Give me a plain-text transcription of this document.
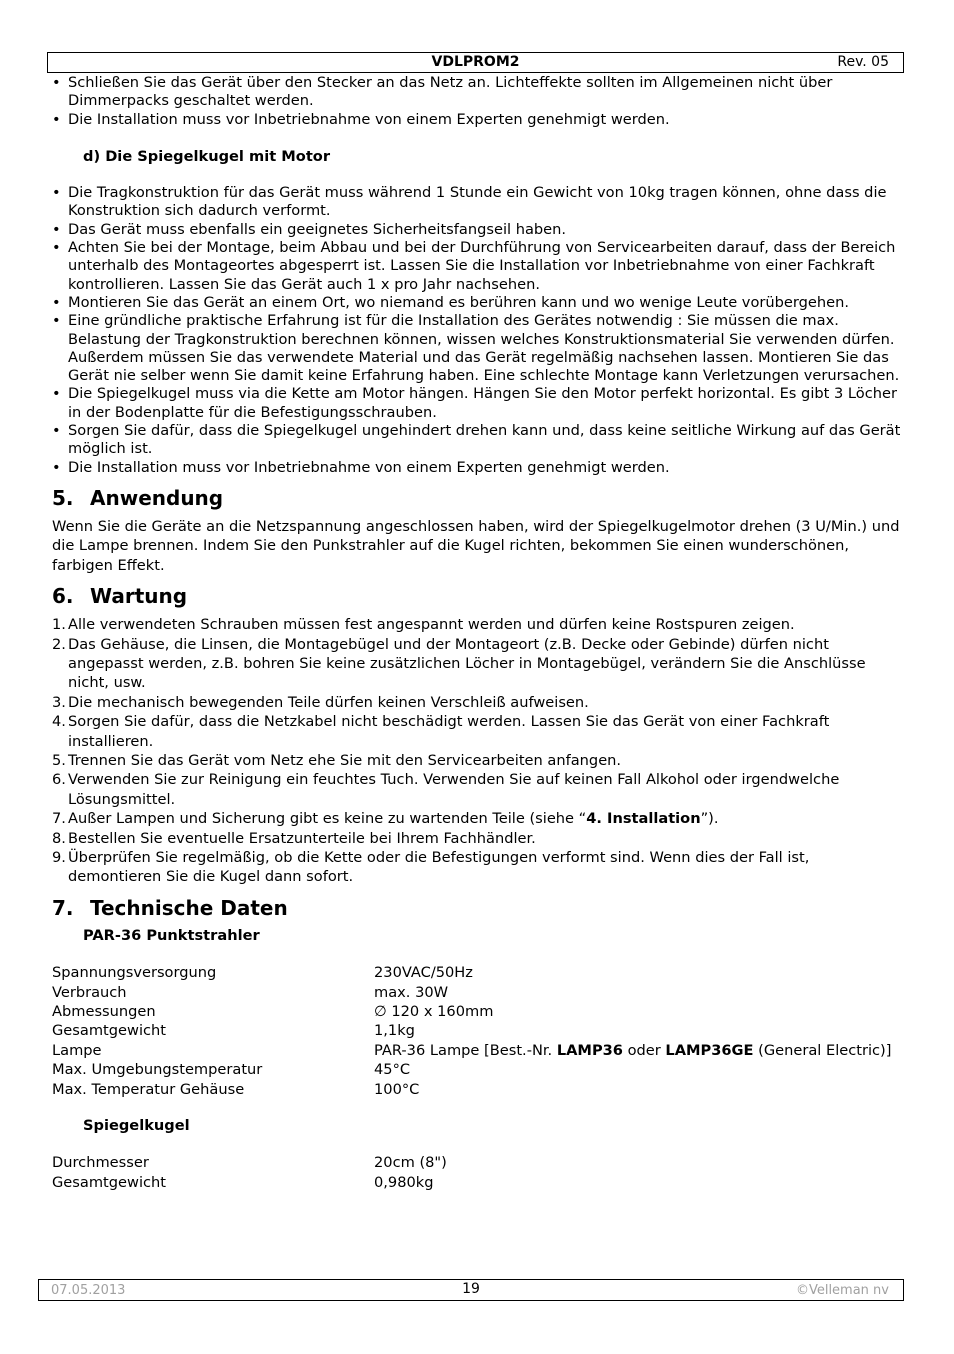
VDLPROM2	Rev. 05
• Schließen Sie das Gerät über den Stecker an das Netz an. Lichteffekte sollten im Allgemeinen nicht über Dimmerpacks geschaltet werden.
• Die Installation muss vor Inbetriebnahme von einem Experten genehmigt werden.
d) Die Spiegelkugel mit Motor
• Die Tragkonstruktion für das Gerät muss während 1 Stunde ein Gewicht von 10kg tragen können, ohne dass die Konstruktion sich dadurch verformt.
• Das Gerät muss ebenfalls ein geeignetes Sicherheitsfangseil haben.
• Achten Sie bei der Montage, beim Abbau und bei der Durchführung von Servicearbeiten darauf, dass der Bereich unterhalb des Montageortes abgesperrt ist. Lassen Sie die Installation vor Inbetriebnahme von einer Fachkraft kontrollieren. Lassen Sie das Gerät auch 1 x pro Jahr nachsehen.
• Montieren Sie das Gerät an einem Ort, wo niemand es berühren kann und wo wenige Leute vorübergehen.
• Eine gründliche praktische Erfahrung ist für die Installation des Gerätes notwendig : Sie müssen die max. Belastung der Tragkonstruktion berechnen können, wissen welches Konstruktionsmaterial Sie verwenden dürfen. Außerdem müssen Sie das verwendete Material und das Gerät regelmäßig nachsehen lassen. Montieren Sie das Gerät nie selber wenn Sie damit keine Erfahrung haben. Eine schlechte Montage kann Verletzungen verursachen.
• Die Spiegelkugel muss via die Kette am Motor hängen. Hängen Sie den Motor perfekt horizontal. Es gibt 3 Löcher in der Bodenplatte für die Befestigungsschrauben.
• Sorgen Sie dafür, dass die Spiegelkugel ungehindert drehen kann und, dass keine seitliche Wirkung auf das Gerät möglich ist.
• Die Installation muss vor Inbetriebnahme von einem Experten genehmigt werden.
5. Anwendung

Wenn Sie die Geräte an die Netzspannung angeschlossen haben, wird der Spiegelkugelmotor drehen (3 U/Min.) und die Lampe brennen. Indem Sie den Punkstrahler auf die Kugel richten, bekommen Sie einen wunderschönen, farbigen Effekt.

6. Wartung
1. Alle verwendeten Schrauben müssen fest angespannt werden und dürfen keine Rostspuren zeigen.
2. Das Gehäuse, die Linsen, die Montagebügel und der Montageort (z.B. Decke oder Gebinde) dürfen nicht angepasst werden, z.B. bohren Sie keine zusätzlichen Löcher in Montagebügel, verändern Sie die Anschlüsse nicht, usw.
3. Die mechanisch bewegenden Teile dürfen keinen Verschleiß aufweisen.
4. Sorgen Sie dafür, dass die Netzkabel nicht beschädigt werden. Lassen Sie das Gerät von einer Fachkraft installieren.
5. Trennen Sie das Gerät vom Netz ehe Sie mit den Servicearbeiten anfangen.
6. Verwenden Sie zur Reinigung ein feuchtes Tuch. Verwenden Sie auf keinen Fall Alkohol oder irgendwelche Lösungsmittel.
7. Außer Lampen und Sicherung gibt es keine zu wartenden Teile (siehe “4. Installation”).
8. Bestellen Sie eventuelle Ersatzunterteile bei Ihrem Fachhändler.
9. Überprüfen Sie regelmäßig, ob die Kette oder die Befestigungen verformt sind. Wenn dies der Fall ist, demontieren Sie die Kugel dann sofort.
7. Technische Daten
PAR-36 Punktstrahler
Spannungsversorgung	230VAC/50Hz
Verbrauch	max. 30W
Abmessungen	∅ 120 x 160mm
Gesamtgewicht	1,1kg
Lampe	PAR-36 Lampe [Best.-Nr. LAMP36 oder LAMP36GE (General Electric)]
Max. Umgebungstemperatur	45°C
Max. Temperatur Gehäuse	100°C
Spiegelkugel
Durchmesser	20cm (8")
Gesamtgewicht	0,980kg
07.05.2013	19	©Velleman nv
